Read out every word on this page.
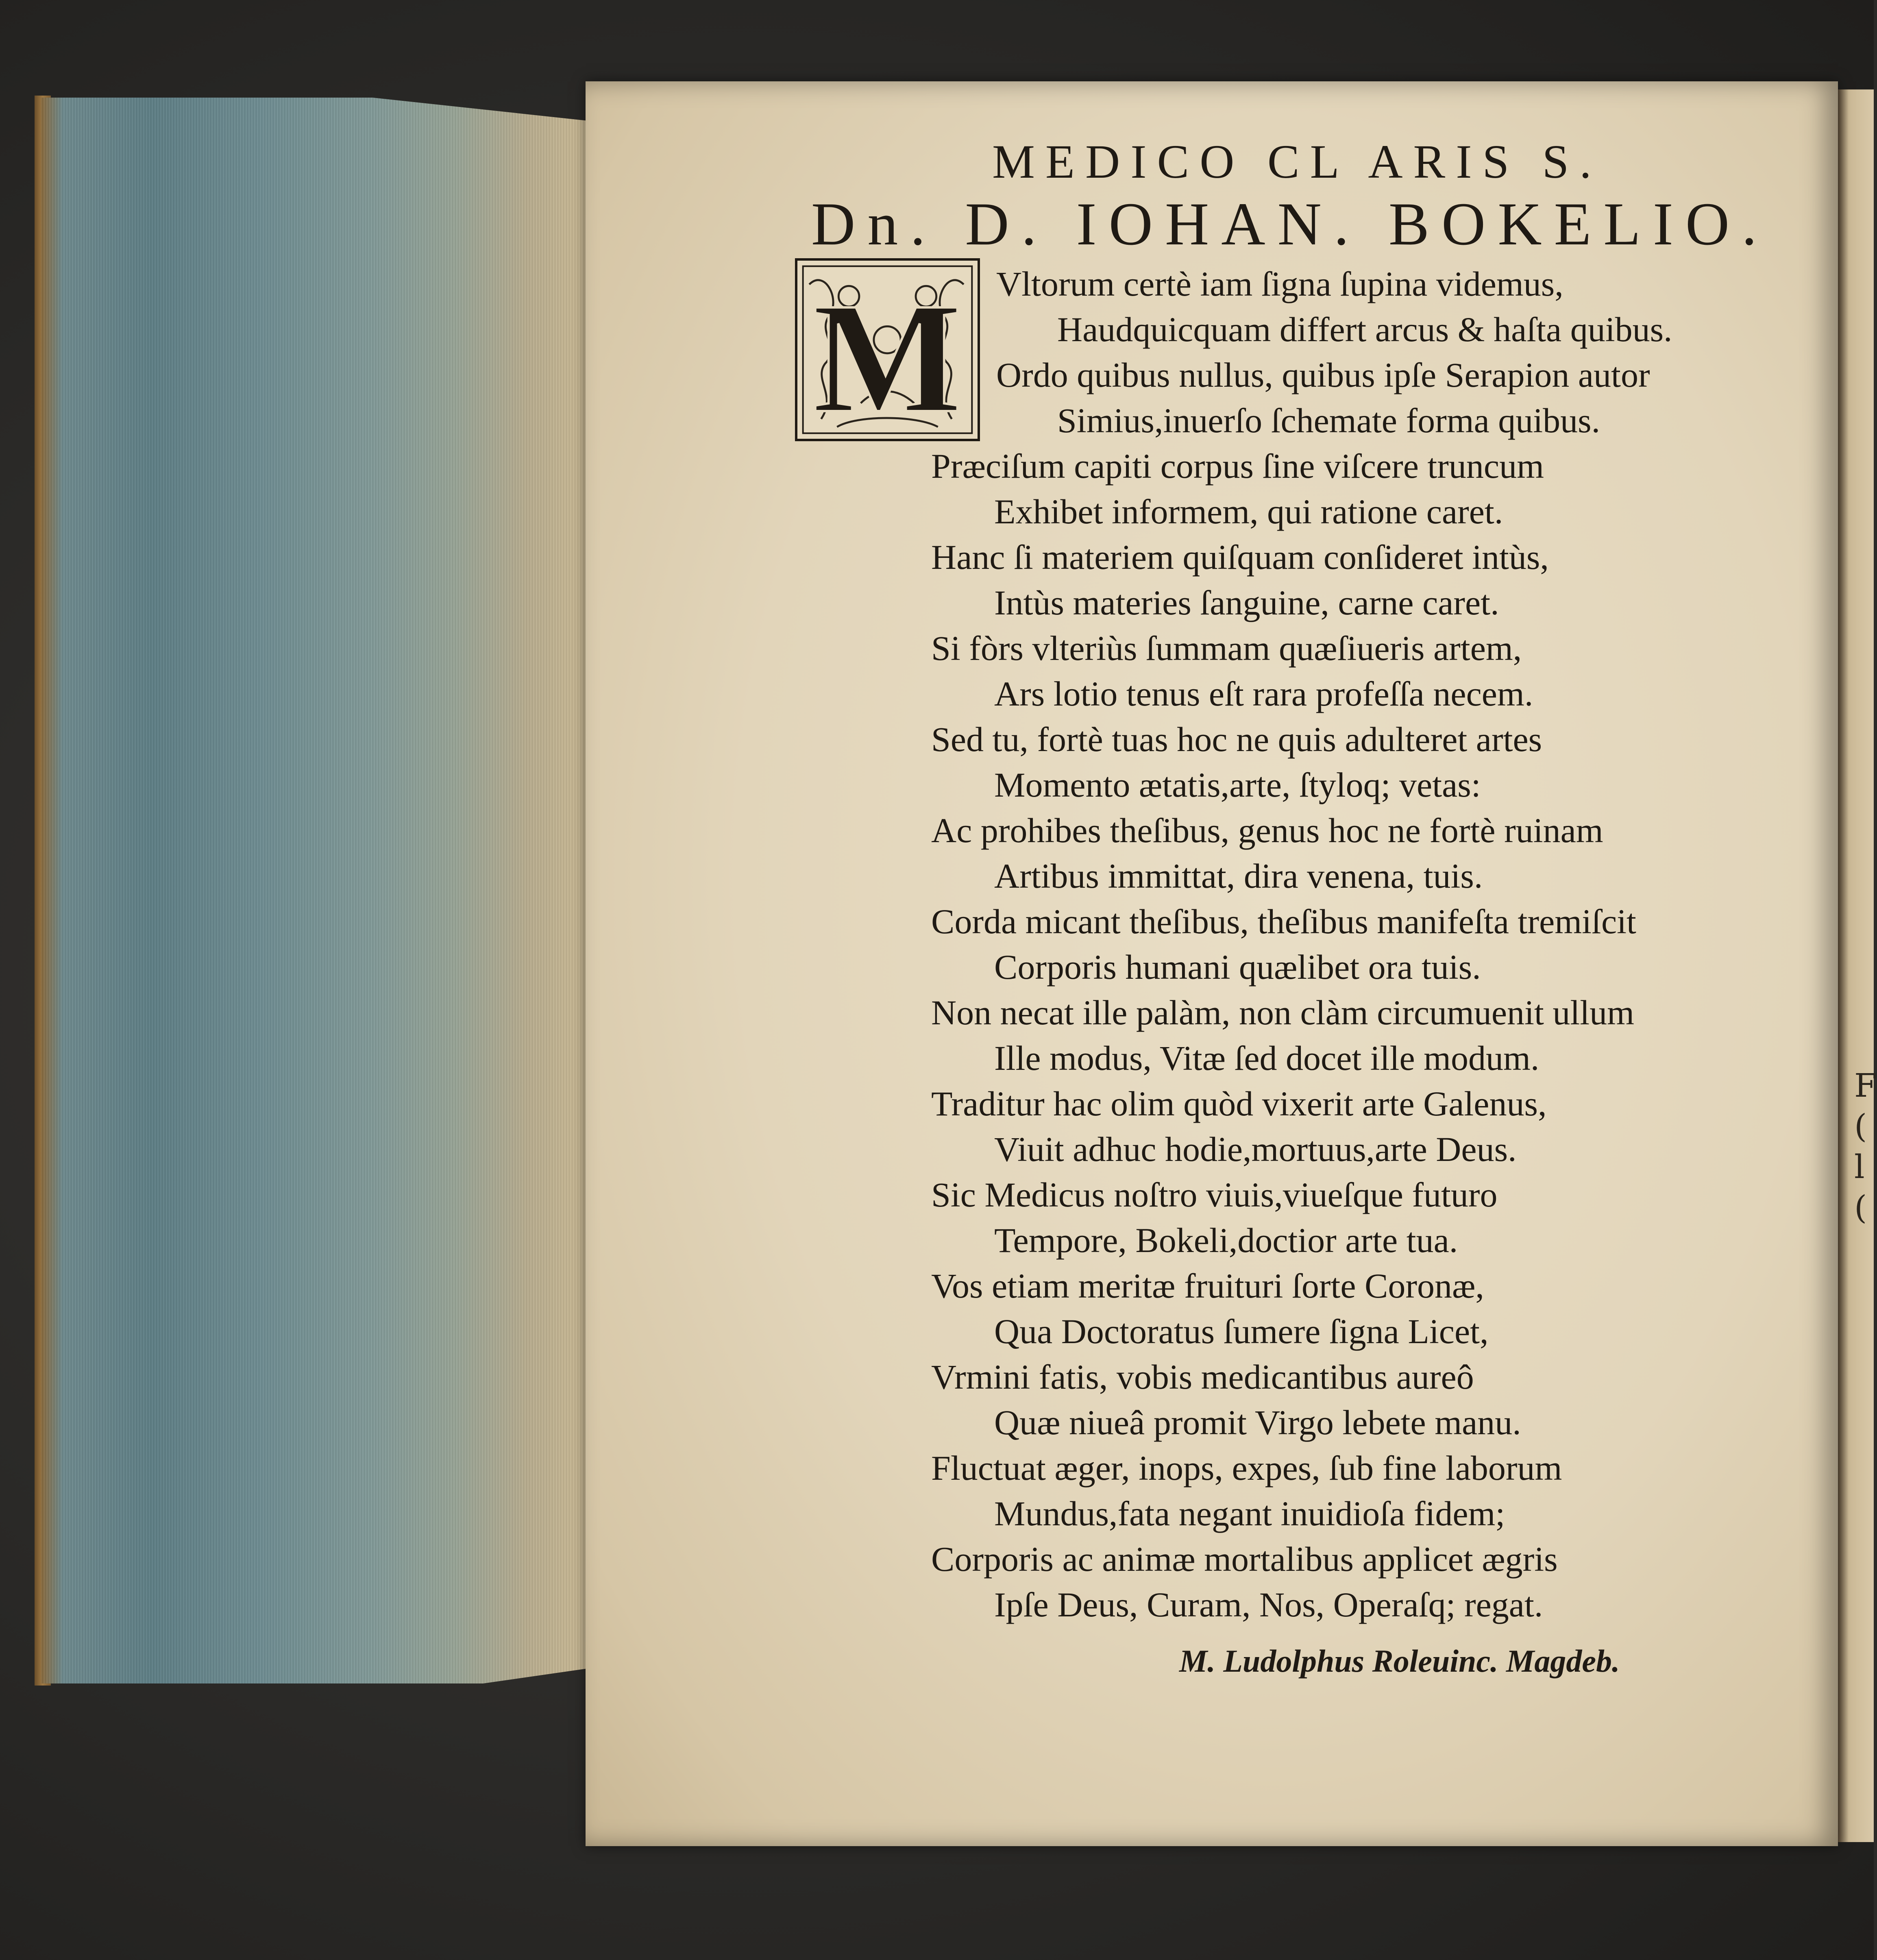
F
(
l
(
MEDICO CL ARIS S.
Dn. D. IOHAN. BOKELIO.
M Vltorum certè iam ſigna ſupina videmus,
Haudquicquam differt arcus & haſta quibus.
Ordo quibus nullus, quibus ipſe Serapion autor
Simius,inuerſo ſchemate forma quibus.
Præciſum capiti corpus ſine viſcere truncum
Exhibet informem, qui ratione caret.
Hanc ſi materiem quiſquam conſideret intùs,
Intùs materies ſanguine, carne caret.
Si fòrs vlteriùs ſummam quæſiueris artem,
Ars lotio tenus eſt rara profeſſa necem.
Sed tu, fortè tuas hoc ne quis adulteret artes
Momento ætatis,arte, ſtyloq; vetas:
Ac prohibes theſibus, genus hoc ne fortè ruinam
Artibus immittat, dira venena, tuis.
Corda micant theſibus, theſibus manifeſta tremiſcit
Corporis humani quælibet ora tuis.
Non necat ille palàm, non clàm circumuenit ullum
Ille modus, Vitæ ſed docet ille modum.
Traditur hac olim quòd vixerit arte Galenus,
Viuit adhuc hodie,mortuus,arte Deus.
Sic Medicus noſtro viuis,viueſque futuro
Tempore, Bokeli,doctior arte tua.
Vos etiam meritæ fruituri ſorte Coronæ,
Qua Doctoratus ſumere ſigna Licet,
Vrmini fatis, vobis medicantibus aureô
Quæ niueâ promit Virgo lebete manu.
Fluctuat æger, inops, expes, ſub fine laborum
Mundus,fata negant inuidioſa fidem;
Corporis ac animæ mortalibus applicet ægris
Ipſe Deus, Curam, Nos, Operaſq; regat.
M. Ludolphus Roleuinc. Magdeb.
